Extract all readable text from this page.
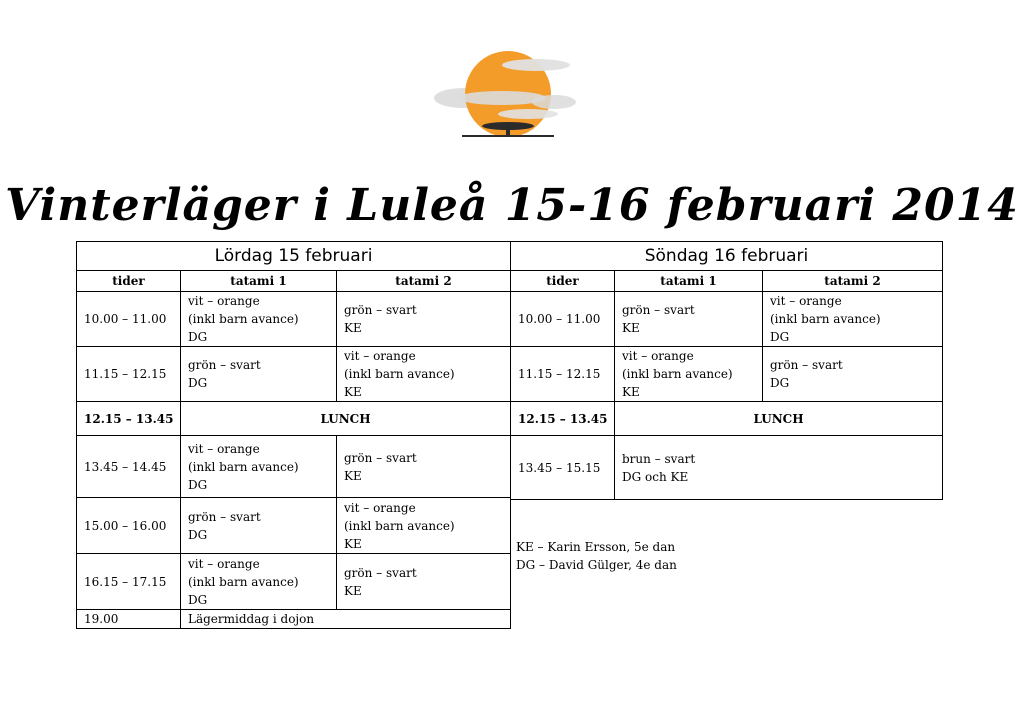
Vinterläger i Luleå 15-16 februari 2014
Lördag 15 februari		
tider	tatami 1	tatami 2
10.00 – 11.00	vit – orange
(inkl barn avance)
DG	grön – svart
KE

11.15 – 12.15	grön – svart
DG	vit – orange
(inkl barn avance)
KE

12.15 – 13.45	LUNCH	
13.45 – 14.45	vit – orange
(inkl barn avance)
DG	grön – svart
KE

15.00 – 16.00	grön – svart
DG	vit – orange
(inkl barn avance)
KE

16.15 – 17.15	vit – orange
(inkl barn avance)
DG	grön – svart
KE

19.00	Lägermiddag i dojon	
Söndag 16 februari		
tider	tatami 1	tatami 2
10.00 – 11.00	grön – svart
KE	vit – orange
(inkl barn avance)
DG

11.15 – 12.15	vit – orange
(inkl barn avance)
KE	grön – svart
DG

12.15 – 13.45	LUNCH	
13.45 – 15.15	brun – svart
DG och KE	
KE – Karin Ersson, 5e dan
DG – David Gülger, 4e dan
